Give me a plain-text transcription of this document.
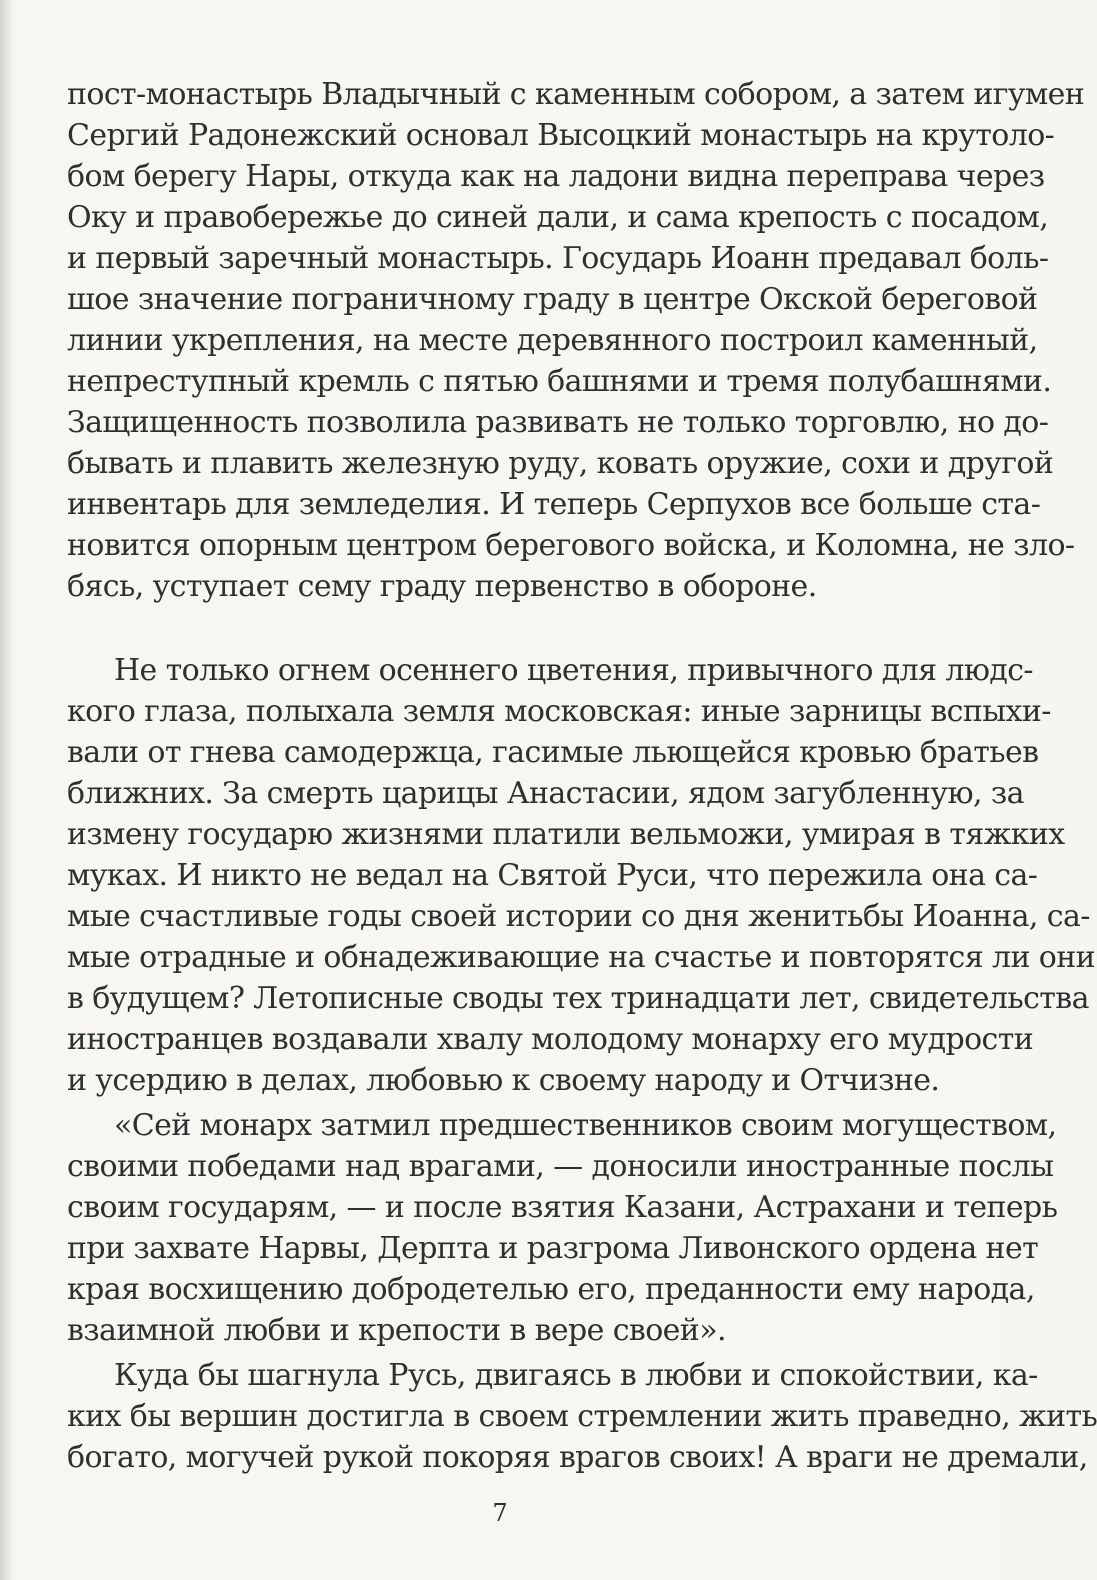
пост-монастырь Владычный с каменным собором, а затем игумен
Сергий Радонежский основал Высоцкий монастырь на крутоло-
бом берегу Нары, откуда как на ладони видна переправа через
Оку и правобережье до синей дали, и сама крепость с посадом,
и первый заречный монастырь. Государь Иоанн предавал боль-
шое значение пограничному граду в центре Окской береговой
линии укрепления, на месте деревянного построил каменный,
непреступный кремль с пятью башнями и тремя полубашнями.
Защищенность позволила развивать не только торговлю, но до-
бывать и плавить железную руду, ковать оружие, сохи и другой
инвентарь для земледелия. И теперь Серпухов все больше ста-
новится опорным центром берегового войска, и Коломна, не зло-
бясь, уступает сему граду первенство в обороне.
Не только огнем осеннего цветения, привычного для людс-
кого глаза, полыхала земля московская: иные зарницы вспыхи-
вали от гнева самодержца, гасимые льющейся кровью братьев
ближних. За смерть царицы Анастасии, ядом загубленную, за
измену государю жизнями платили вельможи, умирая в тяжких
муках. И никто не ведал на Святой Руси, что пережила она са-
мые счастливые годы своей истории со дня женитьбы Иоанна, са-
мые отрадные и обнадеживающие на счастье и повторятся ли они
в будущем? Летописные своды тех тринадцати лет, свидетельства
иностранцев воздавали хвалу молодому монарху его мудрости
и усердию в делах, любовью к своему народу и Отчизне.
«Сей монарх затмил предшественников своим могуществом,
своими победами над врагами, — доносили иностранные послы
своим государям, — и после взятия Казани, Астрахани и теперь
при захвате Нарвы, Дерпта и разгрома Ливонского ордена нет
края восхищению добродетелью его, преданности ему народа,
взаимной любви и крепости в вере своей».
Куда бы шагнула Русь, двигаясь в любви и спокойствии, ка-
ких бы вершин достигла в своем стремлении жить праведно, жить
богато, могучей рукой покоряя врагов своих! А враги не дремали,
7
